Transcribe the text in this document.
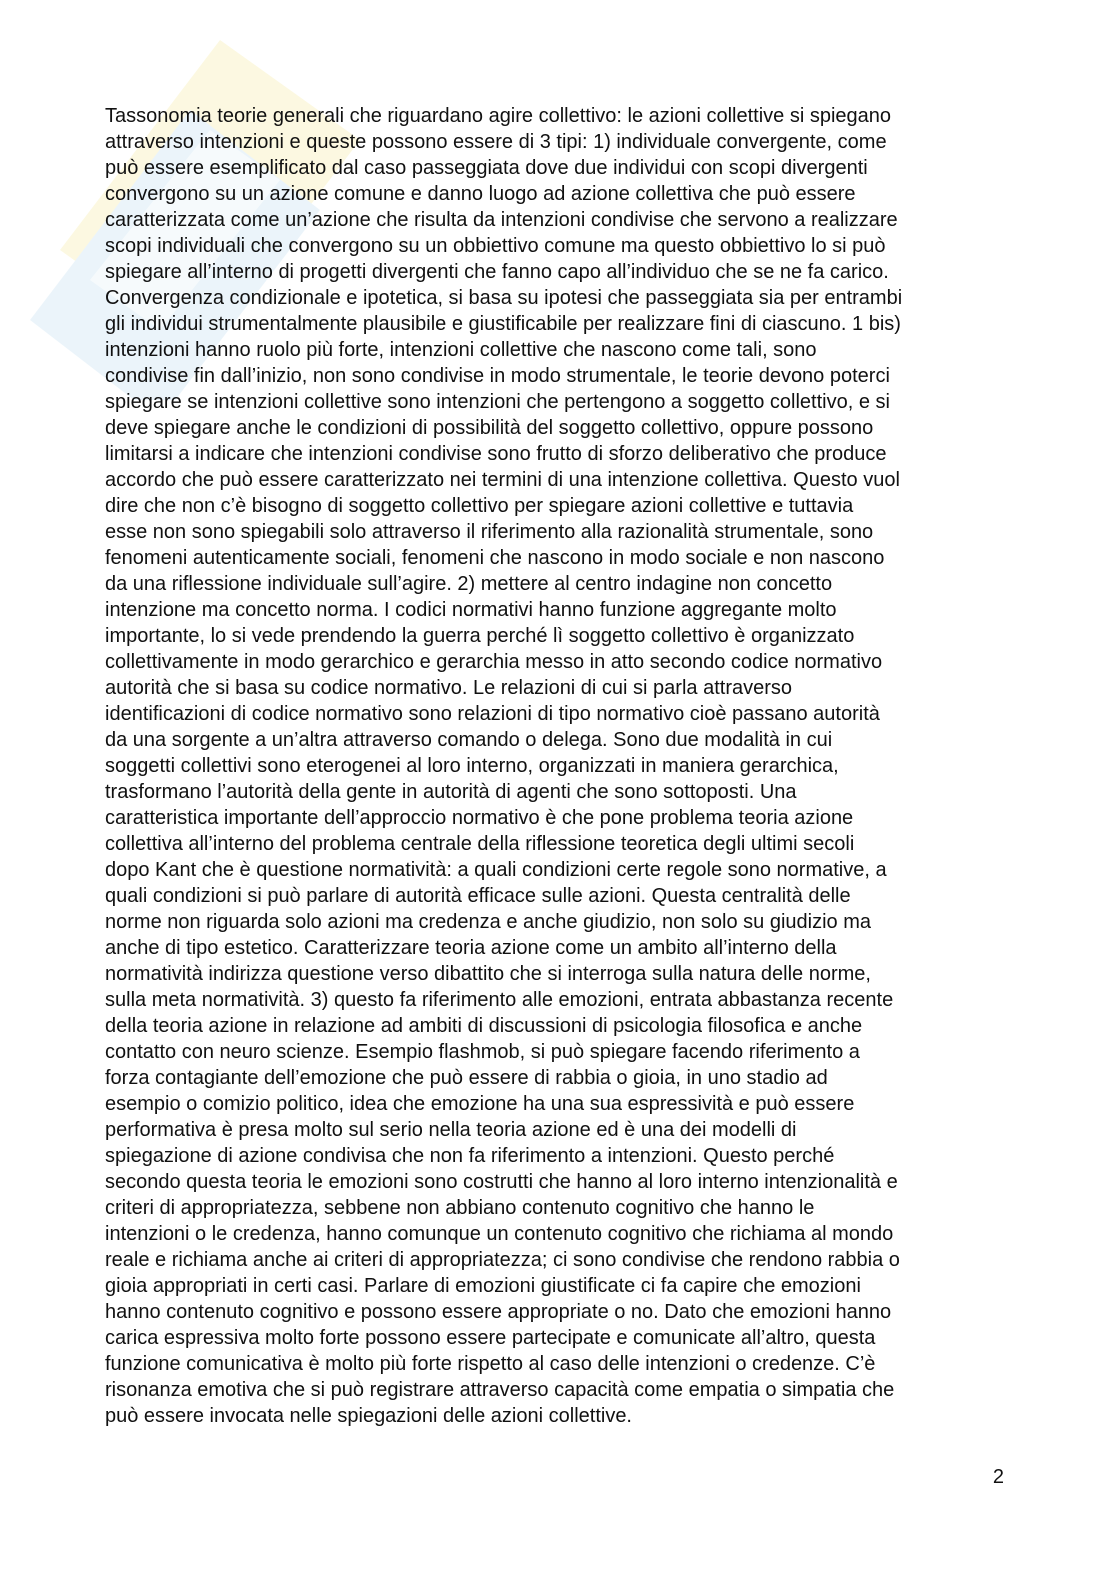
Tassonomia teorie generali che riguardano agire collettivo: le azioni collettive si spiegano
attraverso intenzioni e queste possono essere di 3 tipi: 1) individuale convergente, come
può essere esemplificato dal caso passeggiata dove due individui con scopi divergenti
convergono su un azione comune e danno luogo ad azione collettiva che può essere
caratterizzata come un’azione che risulta da intenzioni condivise che servono a realizzare
scopi individuali che convergono su un obbiettivo comune ma questo obbiettivo lo si può
spiegare all’interno di progetti divergenti che fanno capo all’individuo che se ne fa carico.
Convergenza condizionale e ipotetica, si basa su ipotesi che passeggiata sia per entrambi
gli individui strumentalmente plausibile e giustificabile per realizzare fini di ciascuno. 1 bis)
intenzioni hanno ruolo più forte, intenzioni collettive che nascono come tali, sono
condivise fin dall’inizio, non sono condivise in modo strumentale, le teorie devono poterci
spiegare se intenzioni collettive sono intenzioni che pertengono a soggetto collettivo, e si
deve spiegare anche le condizioni di possibilità del soggetto collettivo, oppure possono
limitarsi a indicare che intenzioni condivise sono frutto di sforzo deliberativo che produce
accordo che può essere caratterizzato nei termini di una intenzione collettiva. Questo vuol
dire che non c’è bisogno di soggetto collettivo per spiegare azioni collettive e tuttavia
esse non sono spiegabili solo attraverso il riferimento alla razionalità strumentale, sono
fenomeni autenticamente sociali, fenomeni che nascono in modo sociale e non nascono
da una riflessione individuale sull’agire. 2) mettere al centro indagine non concetto
intenzione ma concetto norma. I codici normativi hanno funzione aggregante molto
importante, lo si vede prendendo la guerra perché lì soggetto collettivo è organizzato
collettivamente in modo gerarchico e gerarchia messo in atto secondo codice normativo
autorità che si basa su codice normativo. Le relazioni di cui si parla attraverso
identificazioni di codice normativo sono relazioni di tipo normativo cioè passano autorità
da una sorgente a un’altra attraverso comando o delega. Sono due modalità in cui
soggetti collettivi sono eterogenei al loro interno, organizzati in maniera gerarchica,
trasformano l’autorità della gente in autorità di agenti che sono sottoposti. Una
caratteristica importante dell’approccio normativo è che pone problema teoria azione
collettiva all’interno del problema centrale della riflessione teoretica degli ultimi secoli
dopo Kant che è questione normatività: a quali condizioni certe regole sono normative, a
quali condizioni si può parlare di autorità efficace sulle azioni. Questa centralità delle
norme non riguarda solo azioni ma credenza e anche giudizio, non solo su giudizio ma
anche di tipo estetico. Caratterizzare teoria azione come un ambito all’interno della
normatività indirizza questione verso dibattito che si interroga sulla natura delle norme,
sulla meta normatività. 3) questo fa riferimento alle emozioni, entrata abbastanza recente
della teoria azione in relazione ad ambiti di discussioni di psicologia filosofica e anche
contatto con neuro scienze. Esempio flashmob, si può spiegare facendo riferimento a
forza contagiante dell’emozione che può essere di rabbia o gioia, in uno stadio ad
esempio o comizio politico, idea che emozione ha una sua espressività e può essere
performativa è presa molto sul serio nella teoria azione ed è una dei modelli di
spiegazione di azione condivisa che non fa riferimento a intenzioni. Questo perché
secondo questa teoria le emozioni sono costrutti che hanno al loro interno intenzionalità e
criteri di appropriatezza, sebbene non abbiano contenuto cognitivo che hanno le
intenzioni o le credenza, hanno comunque un contenuto cognitivo che richiama al mondo
reale e richiama anche ai criteri di appropriatezza; ci sono condivise che rendono rabbia o
gioia appropriati in certi casi. Parlare di emozioni giustificate ci fa capire che emozioni
hanno contenuto cognitivo e possono essere appropriate o no. Dato che emozioni hanno
carica espressiva molto forte possono essere partecipate e comunicate all’altro, questa
funzione comunicativa è molto più forte rispetto al caso delle intenzioni o credenze. C’è
risonanza emotiva che si può registrare attraverso capacità come empatia o simpatia che
può essere invocata nelle spiegazioni delle azioni collettive.
2
